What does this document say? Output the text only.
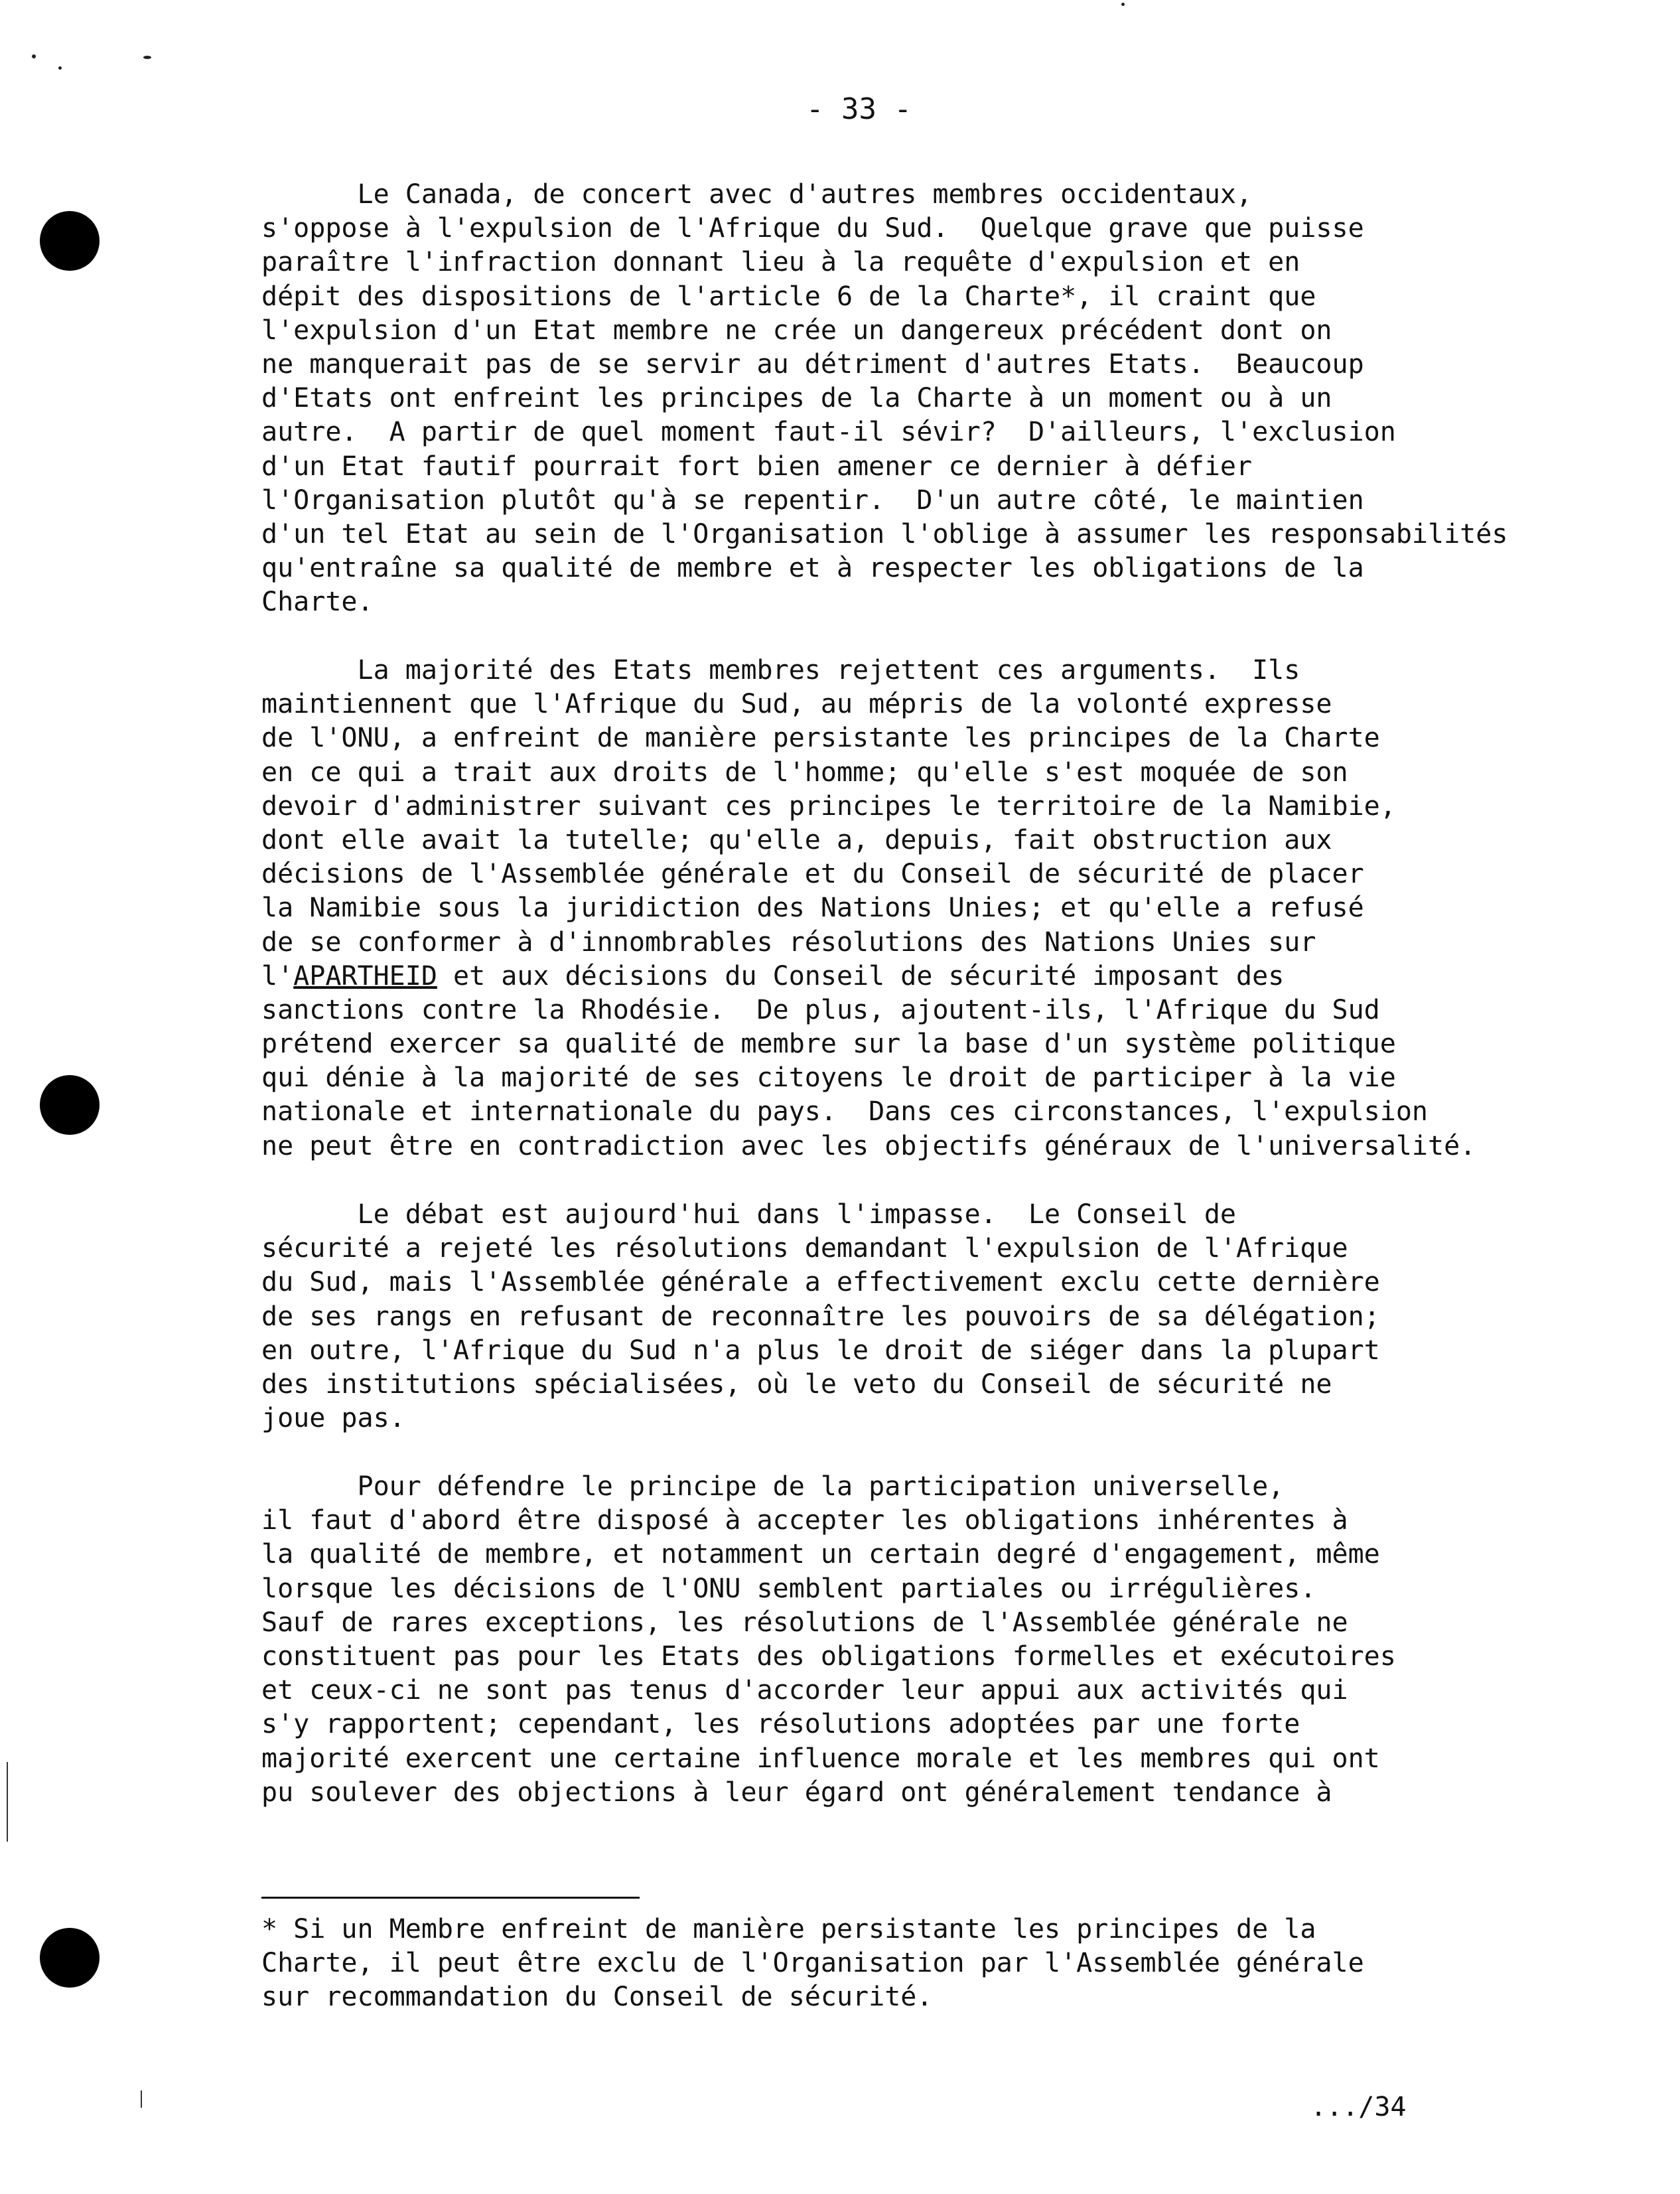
- 33 -
Le Canada, de concert avec d'autres membres occidentaux,
s'oppose à l'expulsion de l'Afrique du Sud.  Quelque grave que puisse
paraître l'infraction donnant lieu à la requête d'expulsion et en
dépit des dispositions de l'article 6 de la Charte*, il craint que
l'expulsion d'un Etat membre ne crée un dangereux précédent dont on
ne manquerait pas de se servir au détriment d'autres Etats.  Beaucoup
d'Etats ont enfreint les principes de la Charte à un moment ou à un
autre.  A partir de quel moment faut-il sévir?  D'ailleurs, l'exclusion
d'un Etat fautif pourrait fort bien amener ce dernier à défier
l'Organisation plutôt qu'à se repentir.  D'un autre côté, le maintien
d'un tel Etat au sein de l'Organisation l'oblige à assumer les responsabilités
qu'entraîne sa qualité de membre et à respecter les obligations de la
Charte.
La majorité des Etats membres rejettent ces arguments.  Ils
maintiennent que l'Afrique du Sud, au mépris de la volonté expresse
de l'ONU, a enfreint de manière persistante les principes de la Charte
en ce qui a trait aux droits de l'homme; qu'elle s'est moquée de son
devoir d'administrer suivant ces principes le territoire de la Namibie,
dont elle avait la tutelle; qu'elle a, depuis, fait obstruction aux
décisions de l'Assemblée générale et du Conseil de sécurité de placer
la Namibie sous la juridiction des Nations Unies; et qu'elle a refusé
de se conformer à d'innombrables résolutions des Nations Unies sur
l'APARTHEID et aux décisions du Conseil de sécurité imposant des
sanctions contre la Rhodésie.  De plus, ajoutent-ils, l'Afrique du Sud
prétend exercer sa qualité de membre sur la base d'un système politique
qui dénie à la majorité de ses citoyens le droit de participer à la vie
nationale et internationale du pays.  Dans ces circonstances, l'expulsion
ne peut être en contradiction avec les objectifs généraux de l'universalité.
Le débat est aujourd'hui dans l'impasse.  Le Conseil de
sécurité a rejeté les résolutions demandant l'expulsion de l'Afrique
du Sud, mais l'Assemblée générale a effectivement exclu cette dernière
de ses rangs en refusant de reconnaître les pouvoirs de sa délégation;
en outre, l'Afrique du Sud n'a plus le droit de siéger dans la plupart
des institutions spécialisées, où le veto du Conseil de sécurité ne
joue pas.
Pour défendre le principe de la participation universelle,
il faut d'abord être disposé à accepter les obligations inhérentes à
la qualité de membre, et notamment un certain degré d'engagement, même
lorsque les décisions de l'ONU semblent partiales ou irrégulières.
Sauf de rares exceptions, les résolutions de l'Assemblée générale ne
constituent pas pour les Etats des obligations formelles et exécutoires
et ceux-ci ne sont pas tenus d'accorder leur appui aux activités qui
s'y rapportent; cependant, les résolutions adoptées par une forte
majorité exercent une certaine influence morale et les membres qui ont
pu soulever des objections à leur égard ont généralement tendance à
* Si un Membre enfreint de manière persistante les principes de la
Charte, il peut être exclu de l'Organisation par l'Assemblée générale
sur recommandation du Conseil de sécurité.
.../34
